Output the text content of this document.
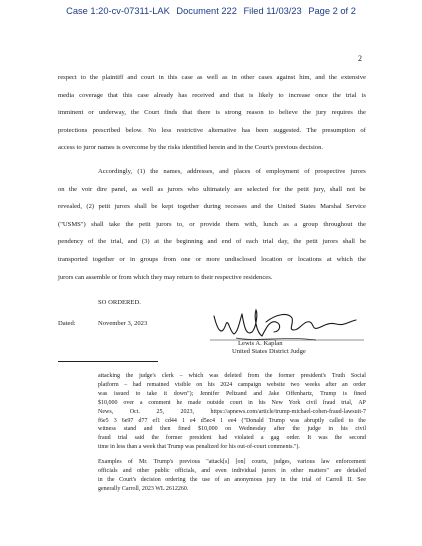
Case 1:20-cv-07311-LAK Document 222 Filed 11/03/23 Page 2 of 2
2
respect to the plaintiff and court in this case as well as in other cases against him, and the extensive
media coverage that this case already has received and that is likely to increase once the trial is
imminent or underway, the Court finds that there is strong reason to believe the jury requires the
protections prescribed below. No less restrictive alternative has been suggested. The presumption of
access to juror names is overcome by the risks identified herein and in the Court's previous decision.
Accordingly, (1) the names, addresses, and places of employment of prospective jurors
on the voir dire panel, as well as jurors who ultimately are selected for the petit jury, shall not be
revealed, (2) petit jurors shall be kept together during recesses and the United States Marshal Service
("USMS") shall take the petit jurors to, or provide them with, lunch as a group throughout the
pendency of the trial, and (3) at the beginning and end of each trial day, the petit jurors shall be
transported together or in groups from one or more undisclosed location or locations at which the
jurors can assemble or from which they may return to their respective residences.
SO ORDERED.
Dated:	November 3, 2023
Lewis A. Kaplan
United States District Judge
attacking the judge's clerk – which was deleted from the former president's Truth Social
platform – had remained visible on his 2024 campaign website two weeks after an order
was issued to take it down"); Jennifer Peltzand and Jake Offenhartz, Trump is fined
$10,000 over a comment he made outside court in his New York civil fraud trial, AP
News,	Oct.	25,	2023,	https://apnews.com/article/trump-michael-cohen-fraud-lawsuit-7
f6e5 3 6e97 d77 ef1 cd44 1 e4 d5ec4 1 ee4 ("Donald Trump was abruptly called to the
witness stand and then fined $10,000 on Wednesday after the judge in his civil
fraud trial said the former president had violated a gag order. It was the second
time in less than a week that Trump was penalized for his out-of-court comments.").
Examples of Mr. Trump's previous "attack[s] [on] courts, judges, various law enforcement
officials and other public officials, and even individual jurors in other matters" are detailed
in the Court's decision ordering the use of an anonymous jury in the trial of Carroll II. See
generally Carroll, 2023 WL 2612260.
